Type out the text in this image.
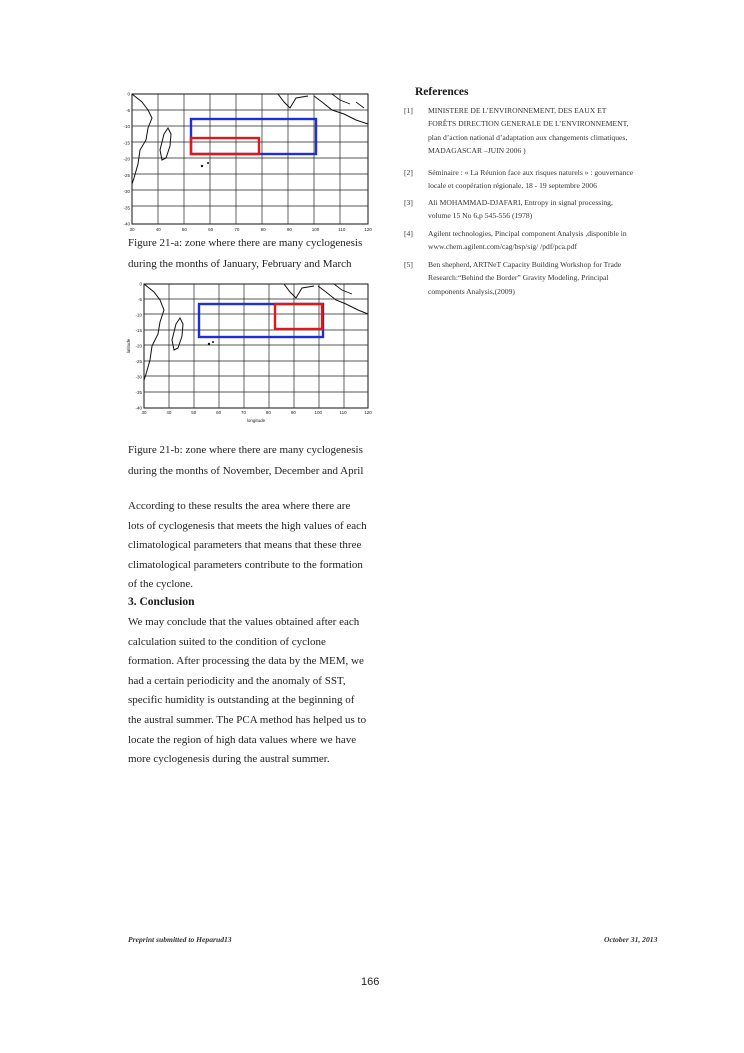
30	40	50	60	70	80	90	100	110	120
0
-5
-10
-15
-20
-25
-30
-35
-40
Figure 21-a: zone where there are many cyclogenesis
during the months of January, February and March
30	40	50	60	70	80	90	100	110	120
0
-5
-10
-15
-20
-25
-30
-35
-40
longitude
latitude
Figure 21-b: zone where there are many cyclogenesis
during the months of November, December and April
According to these results the area where there are
lots of cyclogenesis that meets the high values of each
climatological parameters that means that these three
climatological parameters contribute to the formation
of the cyclone.
3. Conclusion
We may conclude that the values obtained after each
calculation suited to the condition of cyclone
formation. After processing the data by the MEM, we
had a certain periodicity and the anomaly of SST,
specific humidity is outstanding at the beginning of
the austral summer. The PCA method has helped us to
locate the region of high data values where we have
more cyclogenesis during the austral summer.
References
[1]	MINISTERE DE L’ENVIRONNEMENT, DES EAUX ET
FORÊTS DIRECTION GENERALE DE L’ENVIRONNEMENT,
plan d’action national d’adaptation aux changements climatiques,
MADAGASCAR –JUIN 2006 )
[2]	Séminaire : « La Réunion face aux risques naturels » : gouvernance
locale et coopération régionale, 18 - 19 septembre 2006
[3]	Ali MOHAMMAD-DJAFARI, Entropy in signal processing,
volume 15 No 6,p 545-556 (1978)
[4]	Agilent technologies, Pincipal component Analysis ,disponible in
www.chem.agilent.com/cag/bsp/sig/ /pdf/pca.pdf
[5]	Ben shepherd, ARTNeT Capacity Building Workshop for Trade
Research:“Behind the Border” Gravity Modeling, Principal
components Analysis,(2009)
Preprint submitted to Heparud13	October 31, 2013
166
